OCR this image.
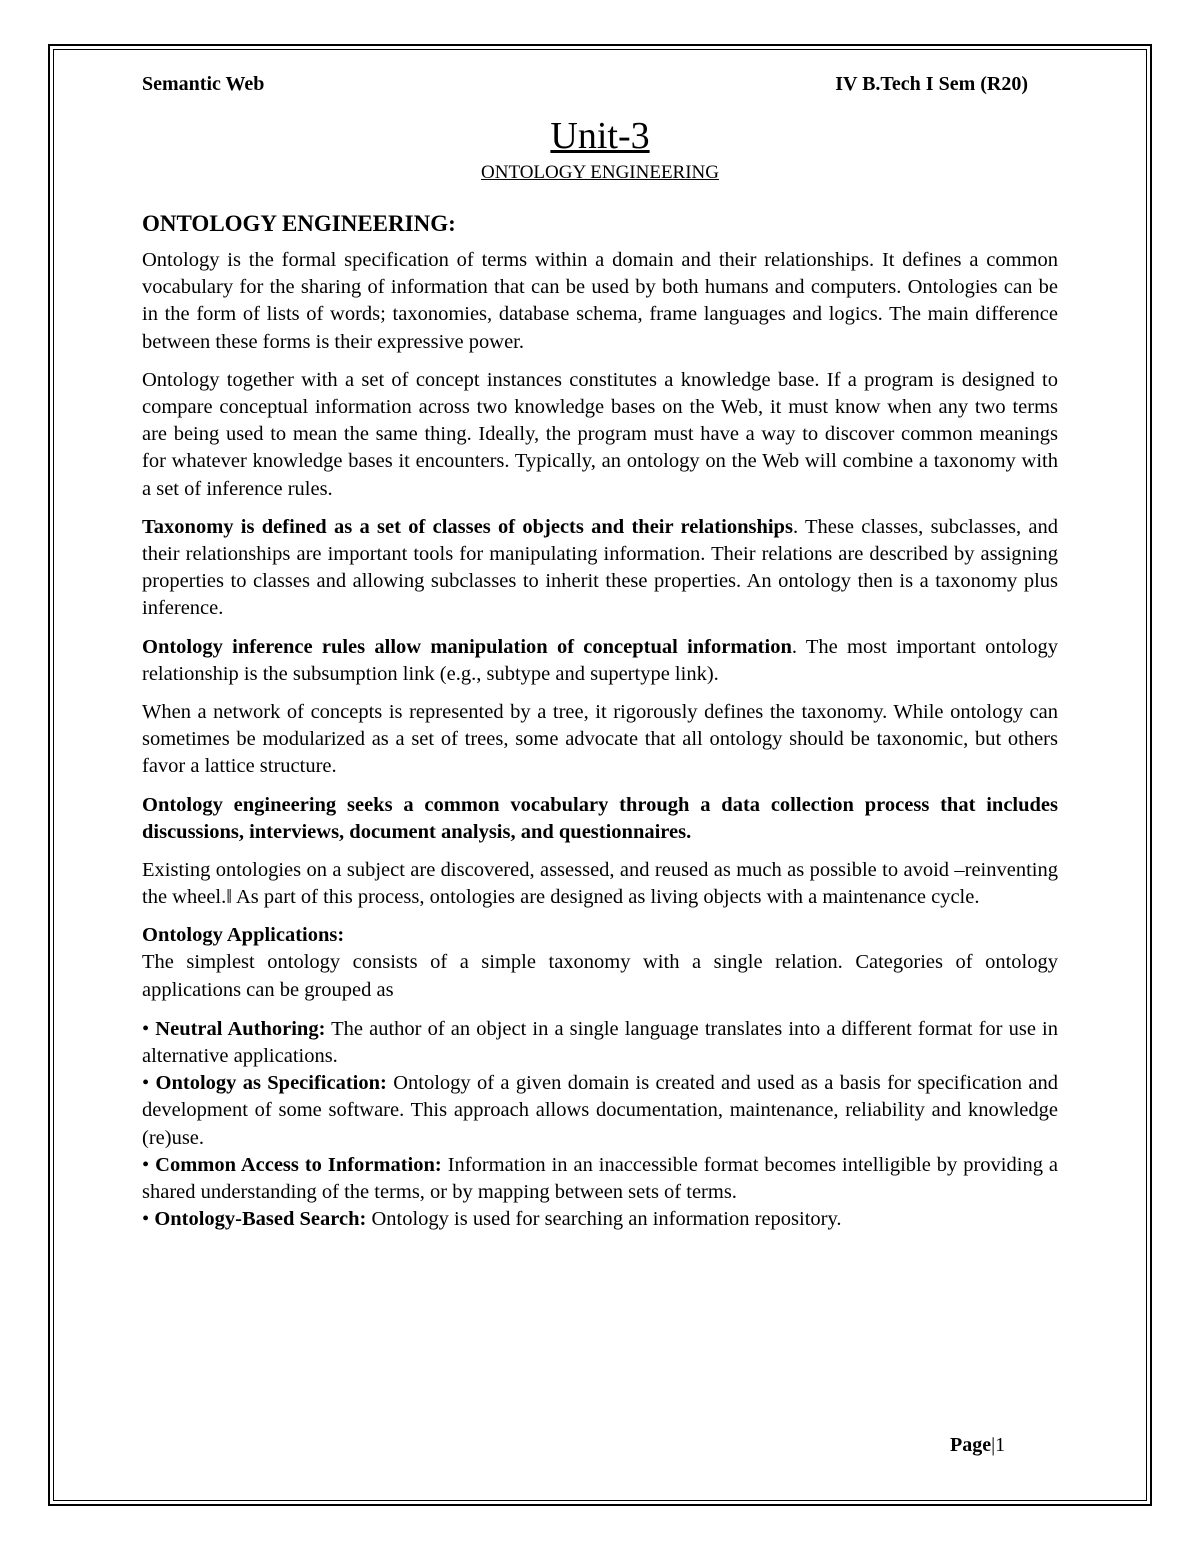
Semantic Web	IV B.Tech I Sem (R20)
Unit-3
ONTOLOGY ENGINEERING
ONTOLOGY ENGINEERING:

Ontology is the formal specification of terms within a domain and their relationships. It defines a common vocabulary for the sharing of information that can be used by both humans and computers. Ontologies can be in the form of lists of words; taxonomies, database schema, frame languages and logics. The main difference between these forms is their expressive power.

Ontology together with a set of concept instances constitutes a knowledge base. If a program is designed to compare conceptual information across two knowledge bases on the Web, it must know when any two terms are being used to mean the same thing. Ideally, the program must have a way to discover common meanings for whatever knowledge bases it encounters. Typically, an ontology on the Web will combine a taxonomy with a set of inference rules.

Taxonomy is defined as a set of classes of objects and their relationships. These classes, subclasses, and their relationships are important tools for manipulating information. Their relations are described by assigning properties to classes and allowing subclasses to inherit these properties. An ontology then is a taxonomy plus inference.

Ontology inference rules allow manipulation of conceptual information. The most important ontology relationship is the subsumption link (e.g., subtype and supertype link).

When a network of concepts is represented by a tree, it rigorously defines the taxonomy. While ontology can sometimes be modularized as a set of trees, some advocate that all ontology should be taxonomic, but others favor a lattice structure.

Ontology engineering seeks a common vocabulary through a data collection process that includes discussions, interviews, document analysis, and questionnaires.

Existing ontologies on a subject are discovered, assessed, and reused as much as possible to avoid –reinventing the wheel.‖ As part of this process, ontologies are designed as living objects with a maintenance cycle.

Ontology Applications:

The simplest ontology consists of a simple taxonomy with a single relation. Categories of ontology applications can be grouped as

• Neutral Authoring: The author of an object in a single language translates into a different format for use in alternative applications.

• Ontology as Specification: Ontology of a given domain is created and used as a basis for specification and development of some software. This approach allows documentation, maintenance, reliability and knowledge (re)use.

• Common Access to Information: Information in an inaccessible format becomes intelligible by providing a shared understanding of the terms, or by mapping between sets of terms.

• Ontology-Based Search: Ontology is used for searching an information repository.

Page|1
